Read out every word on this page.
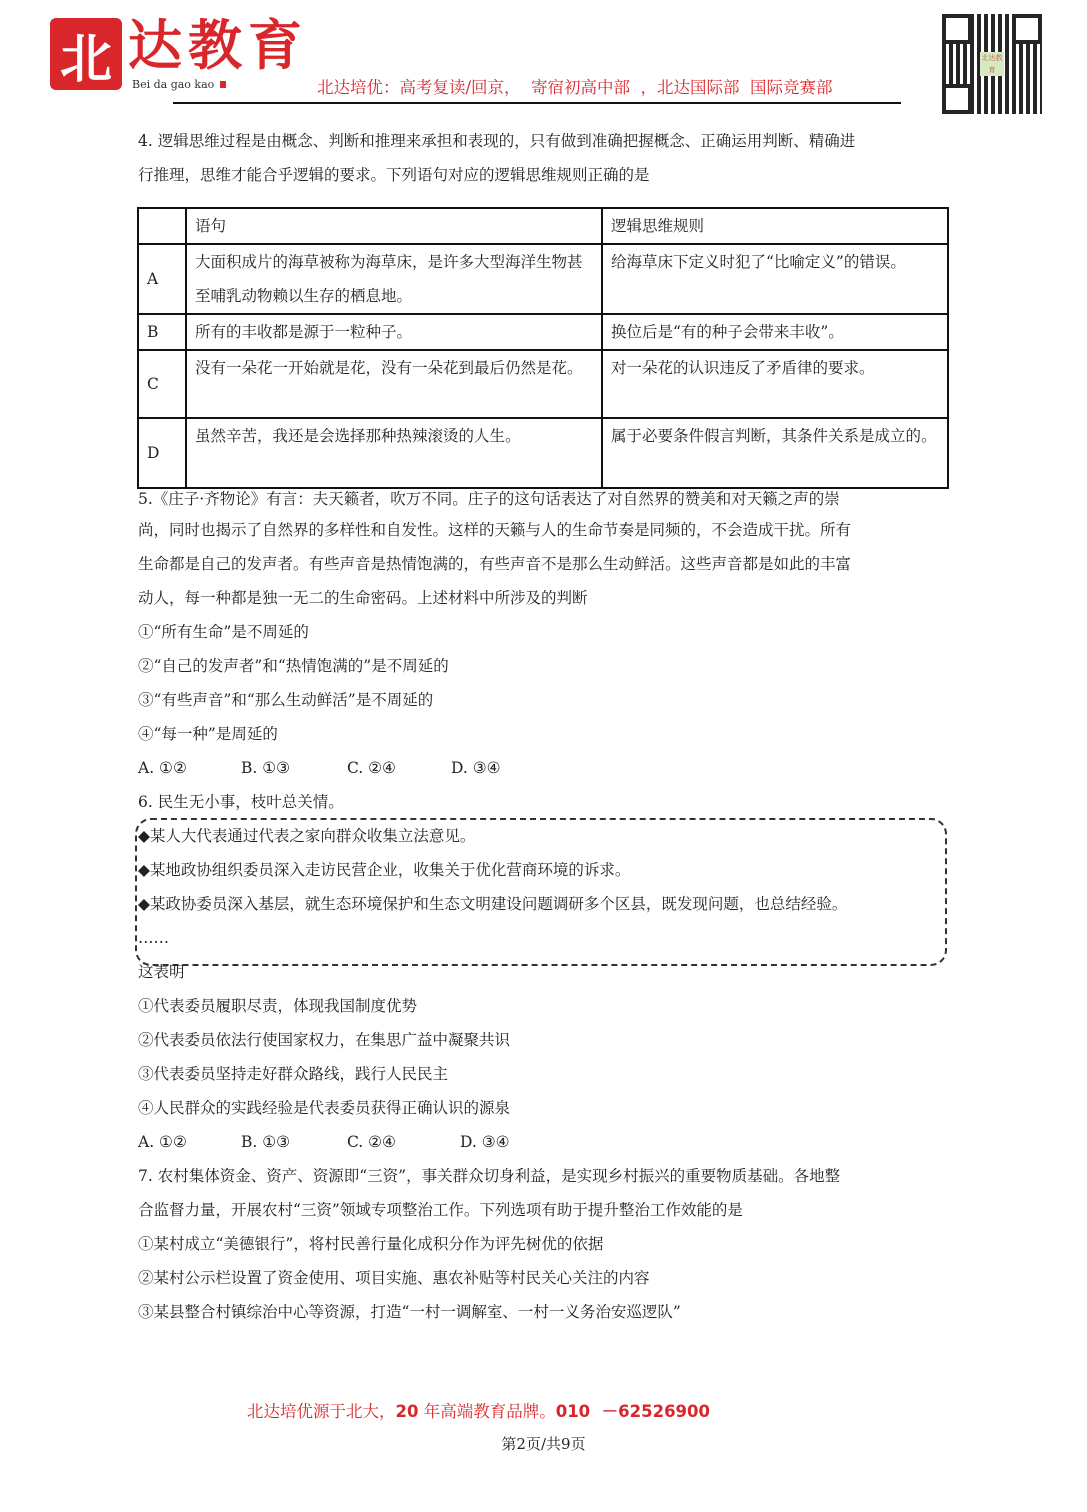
北 达教育
Bei da gao kao	北达培优：高考复读/回京，  寄宿初高中部  ，北达国际部  国际竞赛部
北达教育
4. 逻辑思维过程是由概念、判断和推理来承担和表现的，只有做到准确把握概念、正确运用判断、精确进
行推理，思维才能合乎逻辑的要求。下列语句对应的逻辑思维规则正确的是
	语句	逻辑思维规则
A	大面积成片的海草被称为海草床，是许多大型海洋生物甚至哺乳动物赖以生存的栖息地。	给海草床下定义时犯了“比喻定义”的错误。
B	所有的丰收都是源于一粒种子。	换位后是“有的种子会带来丰收”。
C	没有一朵花一开始就是花，没有一朵花到最后仍然是花。	对一朵花的认识违反了矛盾律的要求。
D	虽然辛苦，我还是会选择那种热辣滚烫的人生。	属于必要条件假言判断，其条件关系是成立的。
5.《庄子·齐物论》有言：夫天籁者，吹万不同。庄子的这句话表达了对自然界的赞美和对天籁之声的崇
尚，同时也揭示了自然界的多样性和自发性。这样的天籁与人的生命节奏是同频的，不会造成干扰。所有
生命都是自己的发声者。有些声音是热情饱满的，有些声音不是那么生动鲜活。这些声音都是如此的丰富
动人，每一种都是独一无二的生命密码。上述材料中所涉及的判断
①“所有生命”是不周延的
②“自己的发声者”和“热情饱满的”是不周延的
③“有些声音”和“那么生动鲜活”是不周延的
④“每一种”是周延的
A. ①②	B. ①③	C. ②④	D. ③④
6. 民生无小事，枝叶总关情。
◆某人大代表通过代表之家向群众收集立法意见。
◆某地政协组织委员深入走访民营企业，收集关于优化营商环境的诉求。
◆某政协委员深入基层，就生态环境保护和生态文明建设问题调研多个区县，既发现问题，也总结经验。
……
这表明
①代表委员履职尽责，体现我国制度优势
②代表委员依法行使国家权力，在集思广益中凝聚共识
③代表委员坚持走好群众路线，践行人民民主
④人民群众的实践经验是代表委员获得正确认识的源泉
A. ①②	B. ①③	C. ②④	D. ③④
7. 农村集体资金、资产、资源即“三资”，事关群众切身利益，是实现乡村振兴的重要物质基础。各地整
合监督力量，开展农村“三资”领域专项整治工作。下列选项有助于提升整治工作效能的是
①某村成立“美德银行”，将村民善行量化成积分作为评先树优的依据
②某村公示栏设置了资金使用、项目实施、惠农补贴等村民关心关注的内容
③某县整合村镇综治中心等资源，打造“一村一调解室、一村一义务治安巡逻队”
北达培优源于北大，20 年高端教育品牌。010  －62526900
第2页/共9页
